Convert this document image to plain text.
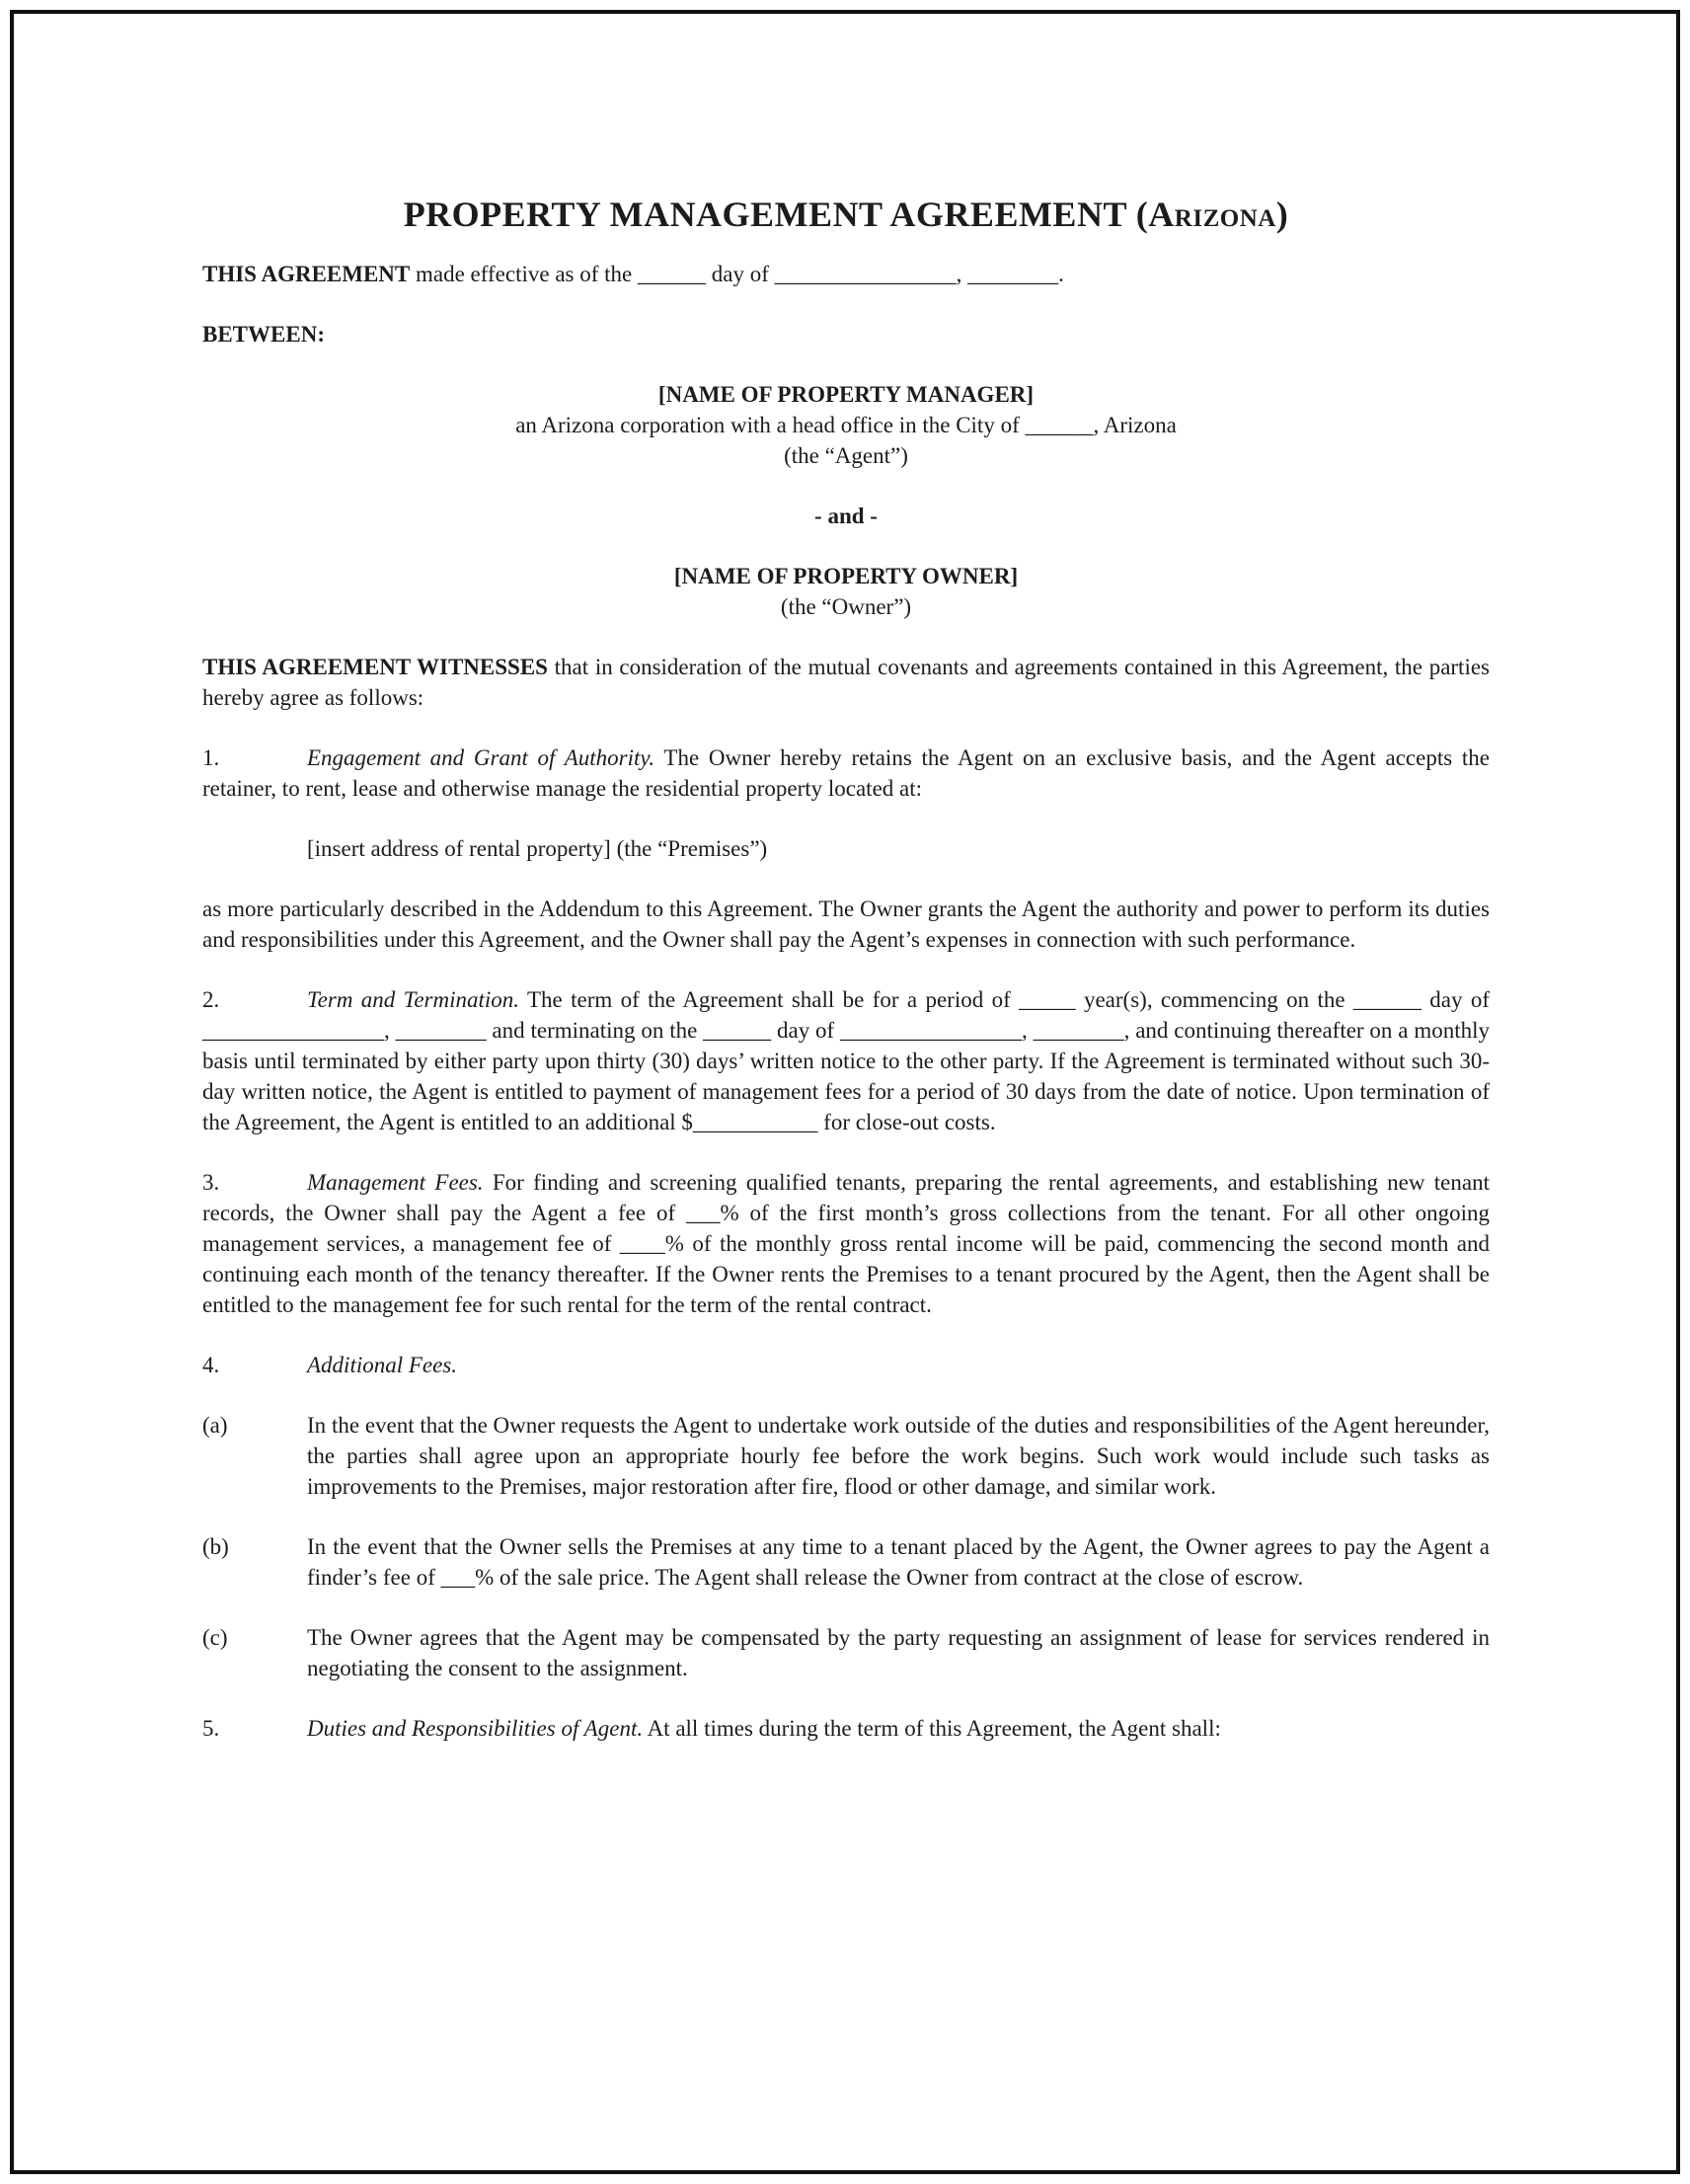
PROPERTY MANAGEMENT AGREEMENT (Arizona)

THIS AGREEMENT made effective as of the ______ day of ________________, ________.

BETWEEN:

[NAME OF PROPERTY MANAGER]

an Arizona corporation with a head office in the City of ______, Arizona

(the “Agent”)

- and -

[NAME OF PROPERTY OWNER]

(the “Owner”)

THIS AGREEMENT WITNESSES that in consideration of the mutual covenants and agreements contained in this Agreement, the parties hereby agree as follows:

1.	Engagement and Grant of Authority. The Owner hereby retains the Agent on an exclusive basis, and the Agent accepts the retainer, to rent, lease and otherwise manage the residential property located at:

[insert address of rental property] (the “Premises”)

as more particularly described in the Addendum to this Agreement. The Owner grants the Agent the authority and power to perform its duties and responsibilities under this Agreement, and the Owner shall pay the Agent’s expenses in connection with such performance.

2.	Term and Termination. The term of the Agreement shall be for a period of _____ year(s), commencing on the ______ day of ________________, ________ and terminating on the ______ day of ________________, ________, and continuing thereafter on a monthly basis until terminated by either party upon thirty (30) days’ written notice to the other party. If the Agreement is terminated without such 30-day written notice, the Agent is entitled to payment of management fees for a period of 30 days from the date of notice. Upon termination of the Agreement, the Agent is entitled to an additional $___________ for close-out costs.

3.	Management Fees. For finding and screening qualified tenants, preparing the rental agreements, and establishing new tenant records, the Owner shall pay the Agent a fee of ___% of the first month’s gross collections from the tenant. For all other ongoing management services, a management fee of ____% of the monthly gross rental income will be paid, commencing the second month and continuing each month of the tenancy thereafter. If the Owner rents the Premises to a tenant procured by the Agent, then the Agent shall be entitled to the management fee for such rental for the term of the rental contract.

4.	Additional Fees.

(a)	In the event that the Owner requests the Agent to undertake work outside of the duties and responsibilities of the Agent hereunder, the parties shall agree upon an appropriate hourly fee before the work begins. Such work would include such tasks as improvements to the Premises, major restoration after fire, flood or other damage, and similar work.
(b)	In the event that the Owner sells the Premises at any time to a tenant placed by the Agent, the Owner agrees to pay the Agent a finder’s fee of ___% of the sale price. The Agent shall release the Owner from contract at the close of escrow.
(c)	The Owner agrees that the Agent may be compensated by the party requesting an assignment of lease for services rendered in negotiating the consent to the assignment.

5.	Duties and Responsibilities of Agent. At all times during the term of this Agreement, the Agent shall:
